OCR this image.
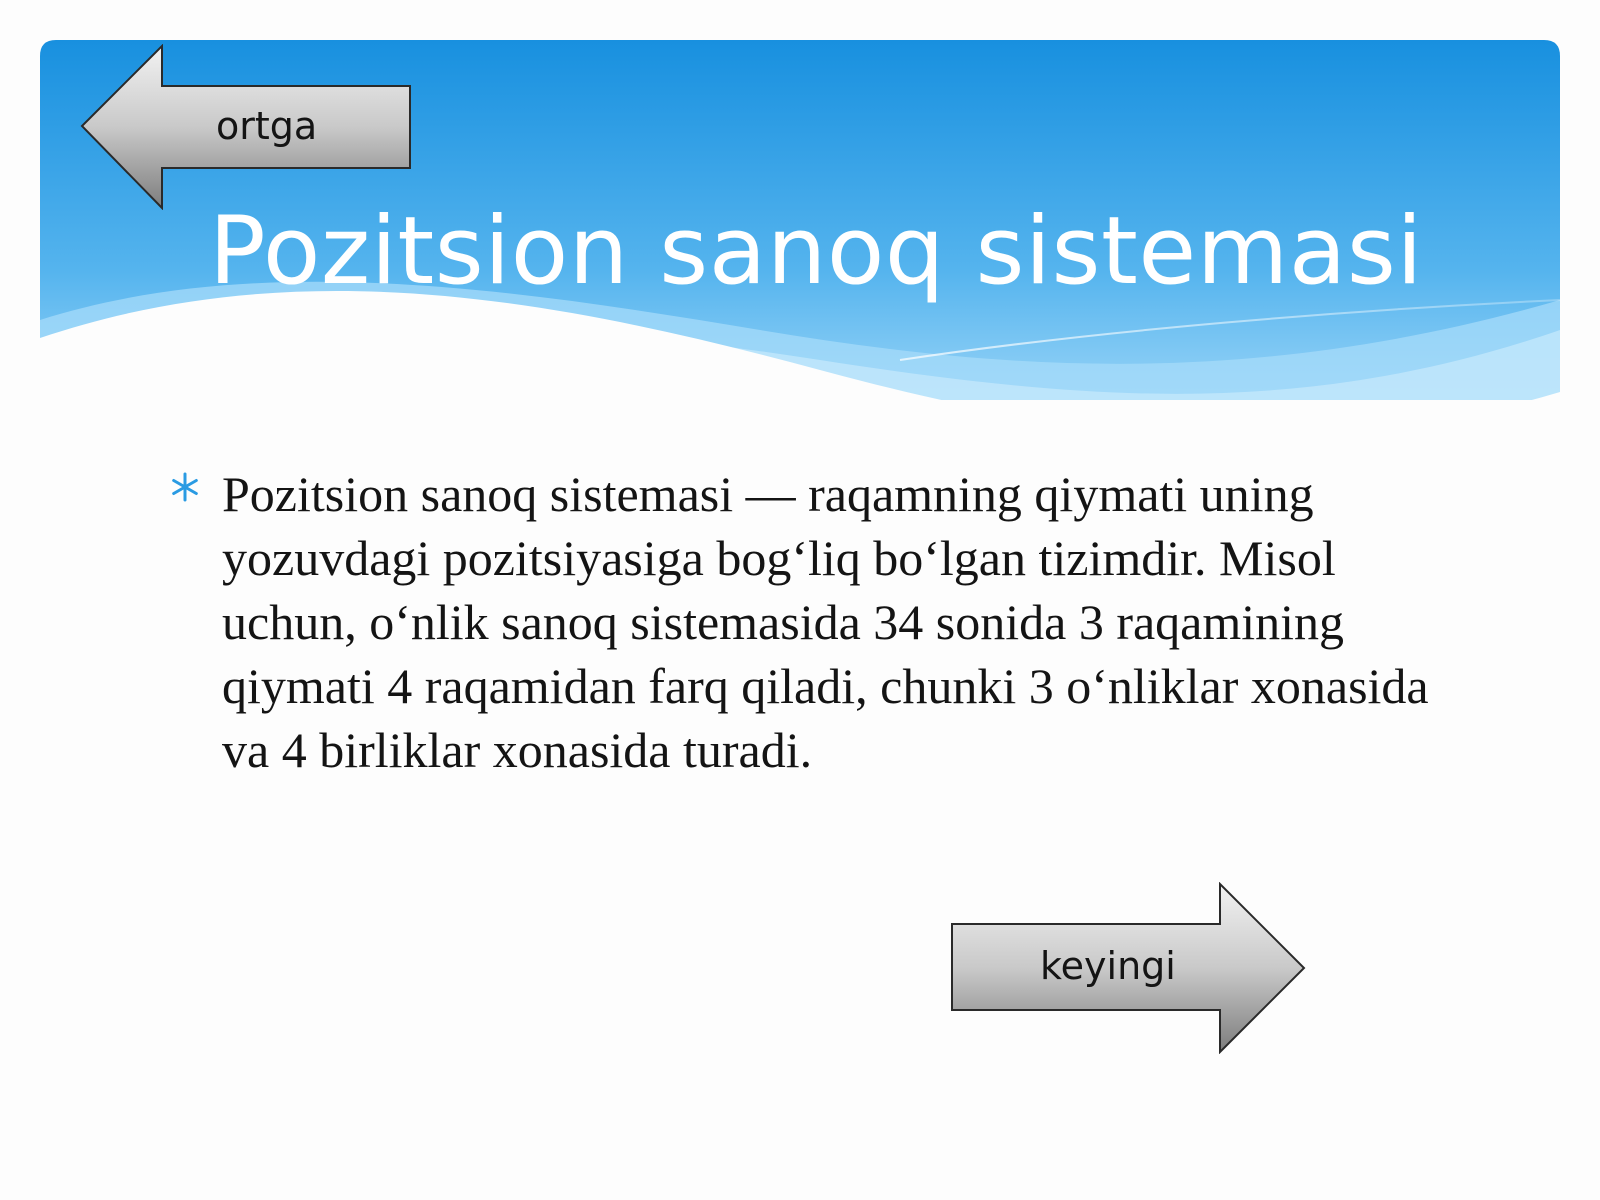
Pozitsion sanoq sistemasi
ortga

Pozitsion sanoq sistemasi — raqamning qiymati uning yozuvdagi pozitsiyasiga bog‘liq bo‘lgan tizimdir. Misol uchun, o‘nlik sanoq sistemasida 34 sonida 3 raqamining qiymati 4 raqamidan farq qiladi, chunki 3 o‘nliklar xonasida va 4 birliklar xonasida turadi.

keyingi
